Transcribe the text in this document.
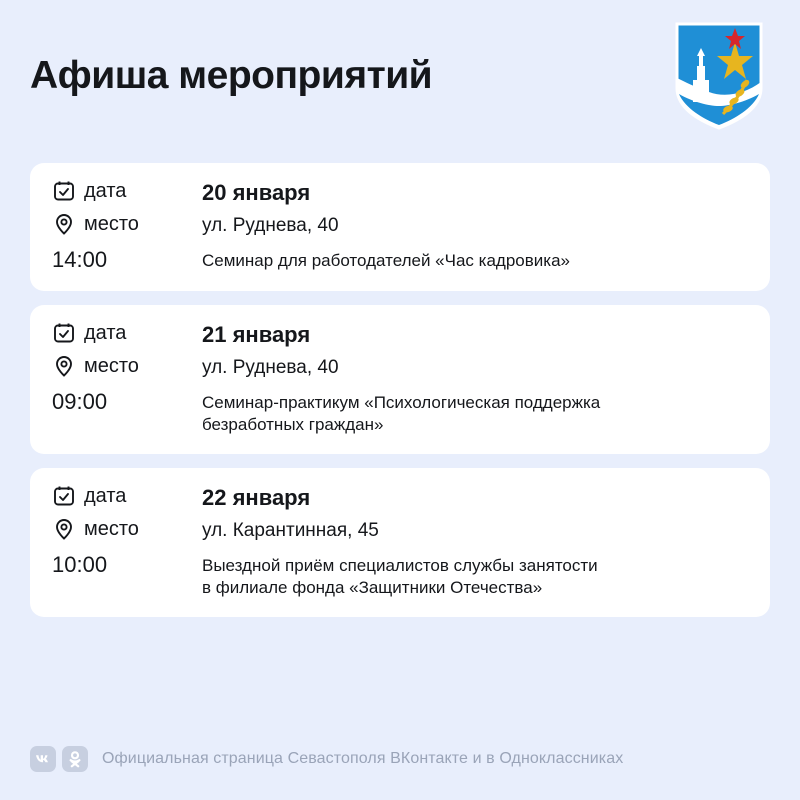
Афиша мероприятий
дата	20 января
место	ул. Руднева, 40
14:00	Семинар для работодателей «Час кадровика»
дата	21 января
место	ул. Руднева, 40
09:00	Семинар-практикум «Психологическая поддержка
безработных граждан»
дата	22 января
место	ул. Карантинная, 45
10:00	Выездной приём специалистов службы занятости
в филиале фонда «Защитники Отечества»
Официальная страница Севастополя ВКонтакте и в Одноклассниках
